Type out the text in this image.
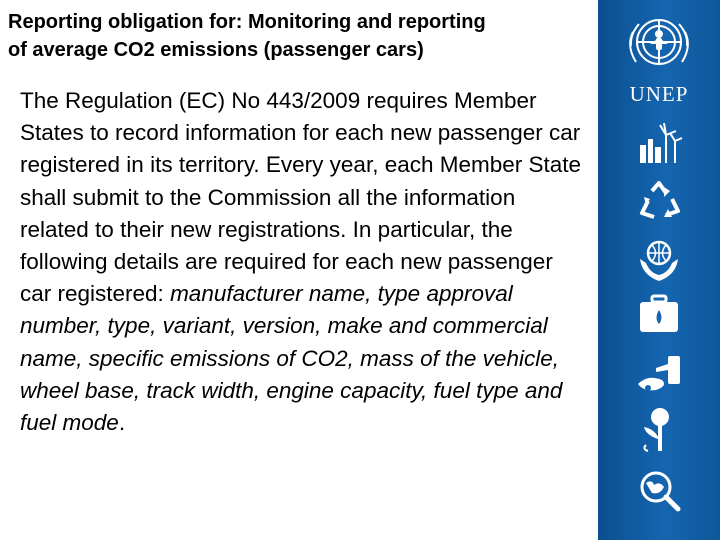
Reporting obligation for: Monitoring and reporting
of average CO2 emissions (passenger cars)
The Regulation (EC) No 443/2009 requires Member States to record information for each new passenger car registered in its territory. Every year, each Member State shall submit to the Commission all the information related to their new registrations. In particular, the following details are required for each new passenger car registered: manufacturer name, type approval number, type, variant, version, make and commercial name, specific emissions of CO2, mass of the vehicle, wheel base, track width, engine capacity, fuel type and fuel mode.
UNEP
